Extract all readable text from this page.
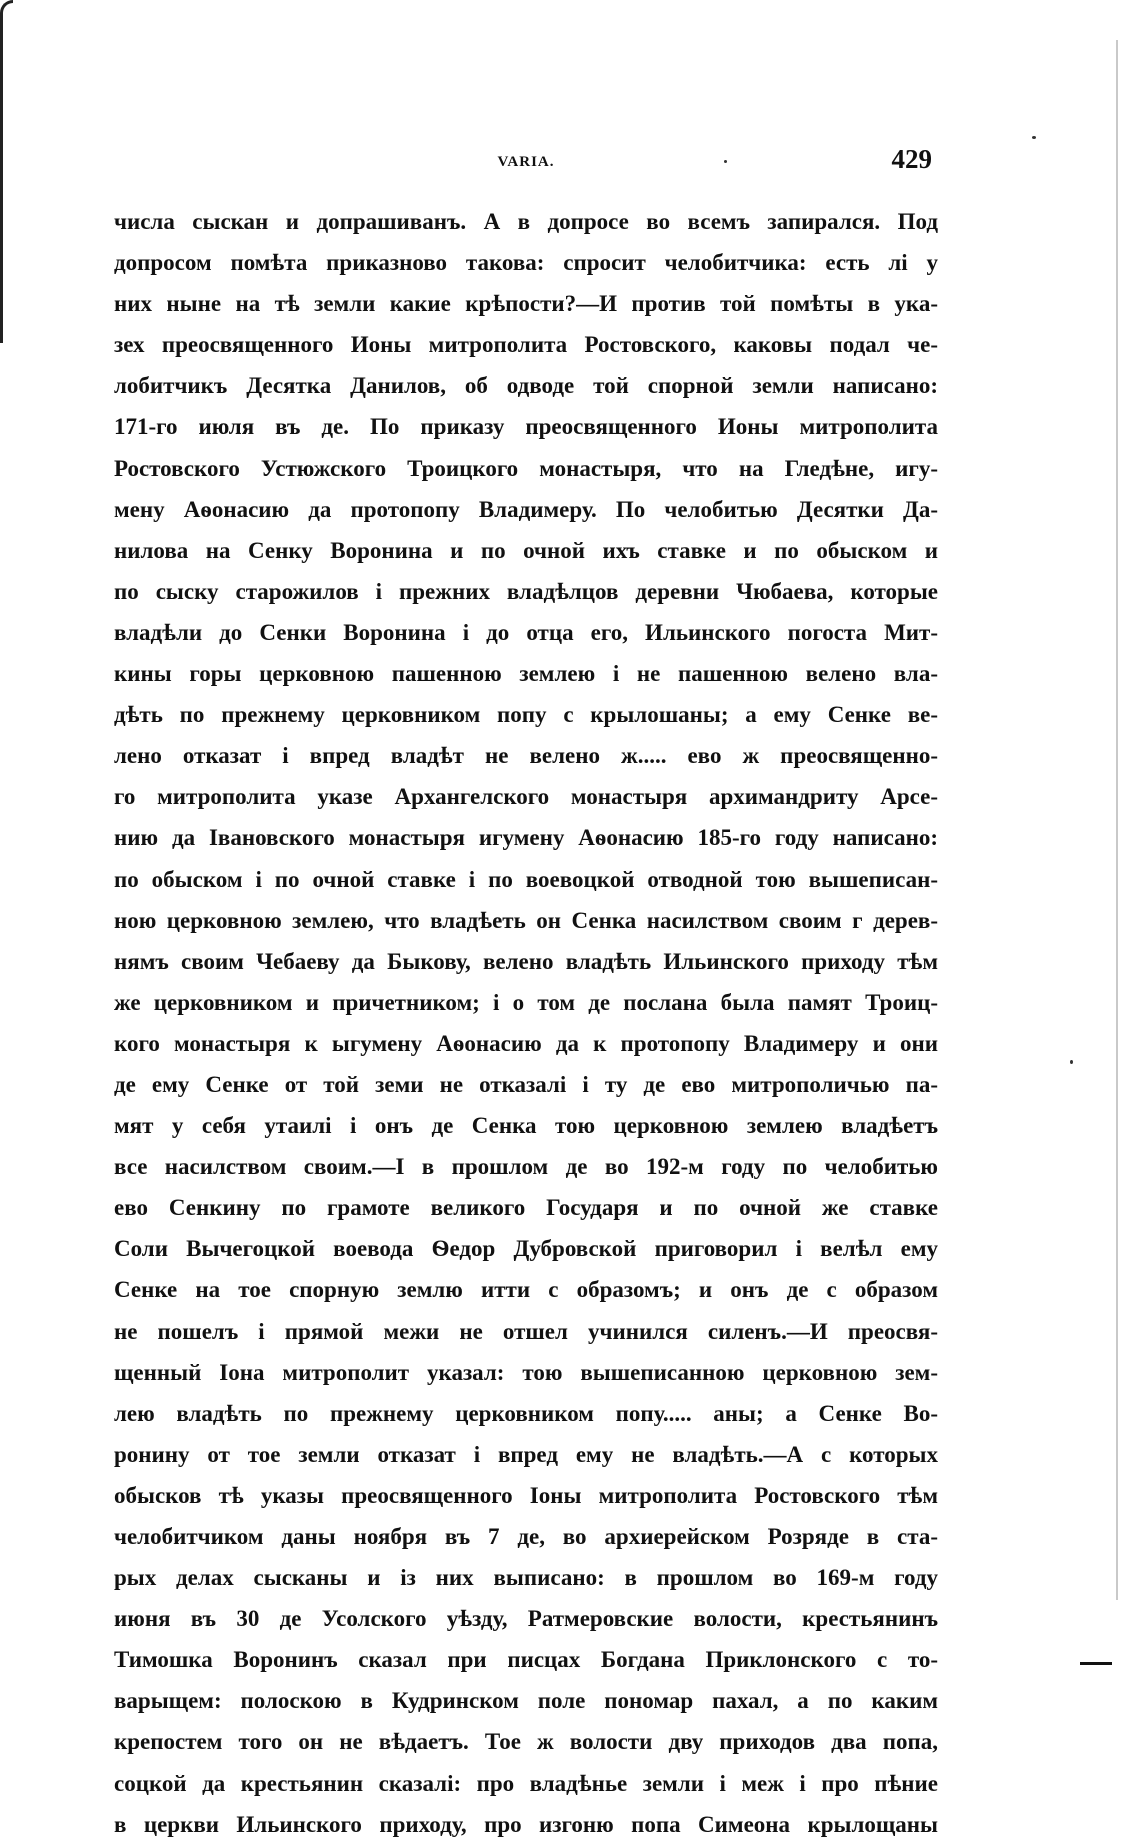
VARIA.	429
числа сыскан и допрашиванъ. А в допросе во всемъ запирался. Под
допросом помѣта приказново такова: спросит челобитчика: есть лі у
них ныне на тѣ земли какие крѣпости?—И против той помѣты в ука-
зех преосвященного Ионы митрополита Ростовского, каковы подал че-
лобитчикъ Десятка Данилов, об одводе той спорной земли написано:
171-го июля въ де. По приказу преосвященного Ионы митрополита
Ростовского Устюжского Троицкого монастыря, что на Гледѣне, игу-
мену Аѳонасию да протопопу Владимеру. По челобитью Десятки Да-
нилова на Сенку Воронина и по очной ихъ ставке и по обыском и
по сыску старожилов і прежних владѣлцов деревни Чюбаева, которые
владѣли до Сенки Воронина і до отца его, Ильинского погоста Мит-
кины горы церковною пашенною землею і не пашенною велено вла-
дѣть по прежнему церковником попу с крылошаны; а ему Сенке ве-
лено отказат і впред владѣт не велено ж..... ево ж преосвященно-
го митрополита указе Архангелского монастыря архимандриту Арсе-
нию да Івановского монастыря игумену Аѳонасию 185-го году написано:
по обыском і по очной ставке і по воевоцкой отводной тою вышеписан-
ною церковною землею, что владѣеть он Сенка насилством своим г дерев-
нямъ своим Чебаеву да Быкову, велено владѣть Ильинского приходу тѣм
же церковником и причетником; і о том де послана была памят Троиц-
кого монастыря к ыгумену Аѳонасию да к протопопу Владимеру и они
де ему Сенке от той земи не отказалі і ту де ево митрополичью па-
мят у себя утаилі і онъ де Сенка тою церковною землею владѣетъ
все насилством своим.—І в прошлом де во 192-м году по челобитью
ево Сенкину по грамоте великого Государя и по очной же ставке
Соли Вычегоцкой воевода Ѳедор Дубровской приговорил і велѣл ему
Сенке на тое спорную землю итти с образомъ; и онъ де с образом
не пошелъ і прямой межи не отшел учинился силенъ.—И преосвя-
щенный Іона митрополит указал: тою вышеписанною церковною зем-
лею владѣть по прежнему церковником попу..... аны; а Сенке Во-
ронину от тое земли отказат і впред ему не владѣть.—А с которых
обысков тѣ указы преосвященного Іоны митрополита Ростовского тѣм
челобитчиком даны ноября въ 7 де, во архиерейском Розряде в ста-
рых делах сысканы и із них выписано: в прошлом во 169-м году
июня въ 30 де Усолского уѣзду, Ратмеровские волости, крестьянинъ
Тимошка Воронинъ сказал при писцах Богдана Приклонского с то-
варыщем: полоскою в Кудринском поле пономар пахал, а по каким
крепостем того он не вѣдаетъ. Тое ж волости дву приходов два попа,
соцкой да крестьянин сказалі: про владѣнье земли і меж і про пѣние
в церкви Ильинского приходу, про изгоню попа Симеона крылощаны
